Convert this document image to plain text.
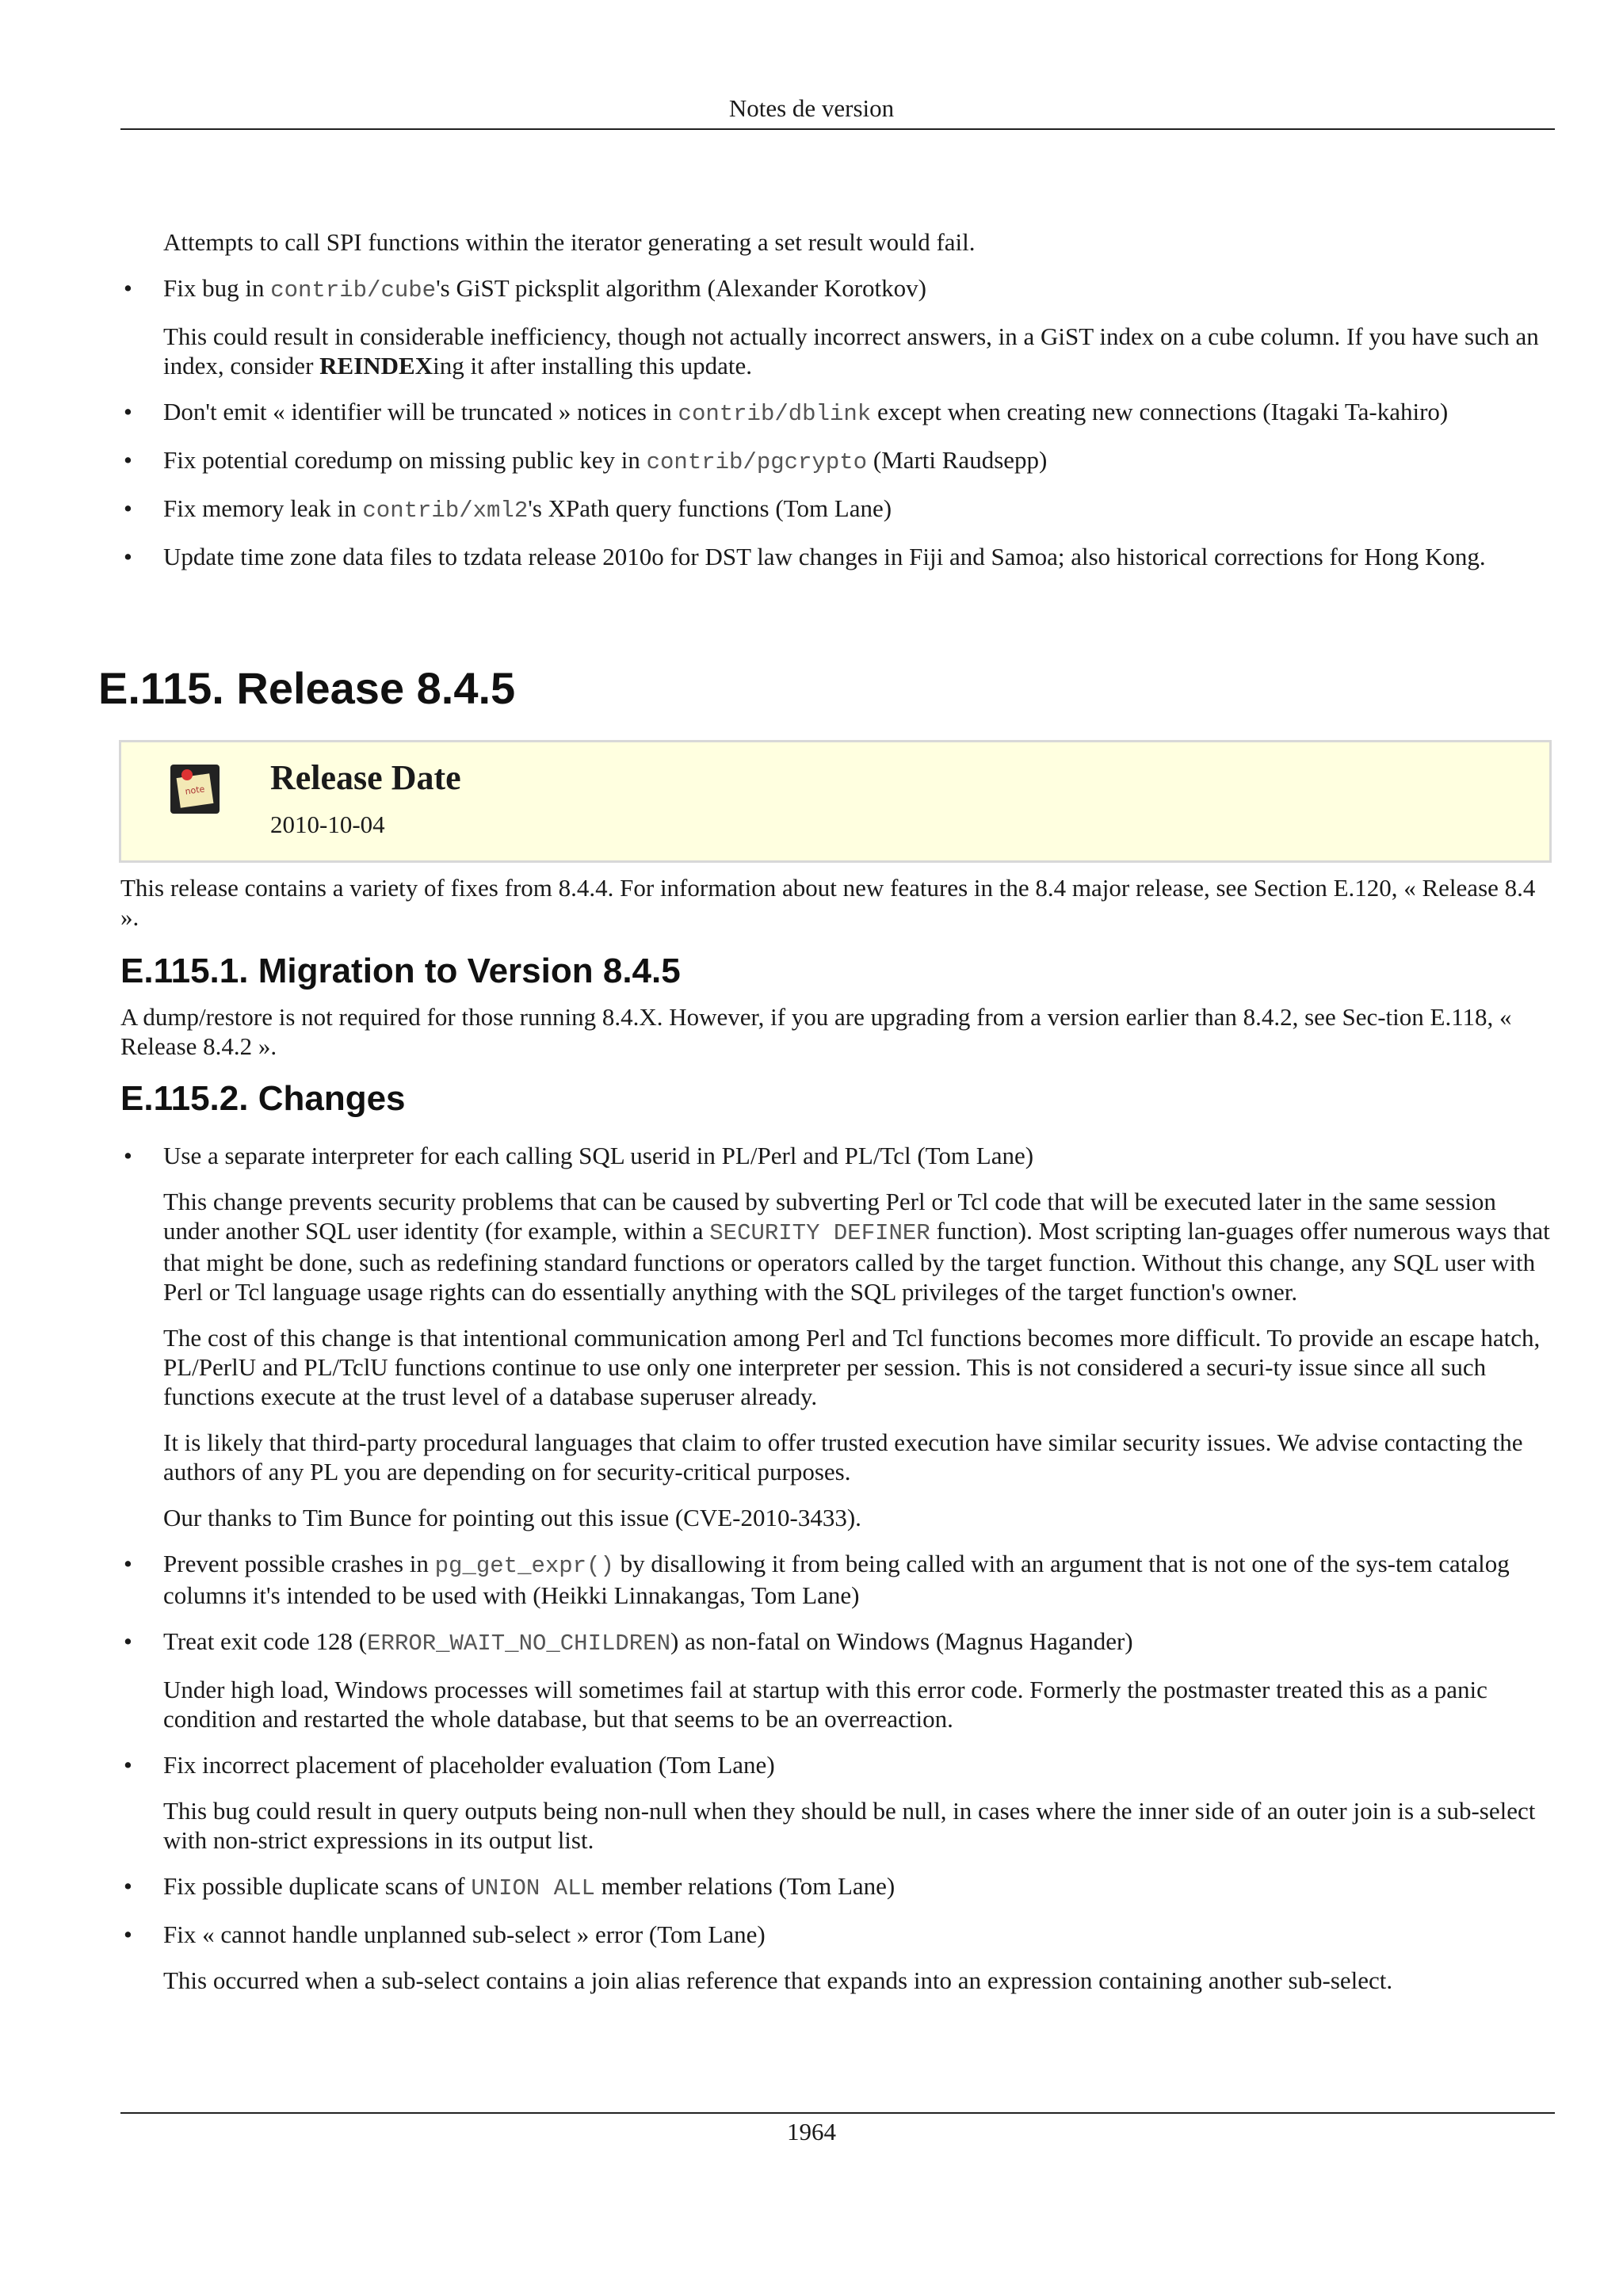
Notes de version

Attempts to call SPI functions within the iterator generating a set result would fail.

• Fix bug in contrib/cube's GiST picksplit algorithm (Alexander Korotkov)

This could result in considerable inefficiency, though not actually incorrect answers, in a GiST index on a cube column. If you have such an index, consider REINDEXing it after installing this update.

• Don't emit « identifier will be truncated » notices in contrib/dblink except when creating new connections (Itagaki Ta-kahiro)
• Fix potential coredump on missing public key in contrib/pgcrypto (Marti Raudsepp)
• Fix memory leak in contrib/xml2's XPath query functions (Tom Lane)
• Update time zone data files to tzdata release 2010o for DST law changes in Fiji and Samoa; also historical corrections for Hong Kong.
E.115. Release 8.4.5
note Release Date
2010-10-04

This release contains a variety of fixes from 8.4.4. For information about new features in the 8.4 major release, see Section E.120, « Release 8.4 ».

E.115.1. Migration to Version 8.4.5

A dump/restore is not required for those running 8.4.X. However, if you are upgrading from a version earlier than 8.4.2, see Sec-tion E.118, « Release 8.4.2 ».

E.115.2. Changes
• Use a separate interpreter for each calling SQL userid in PL/Perl and PL/Tcl (Tom Lane)

This change prevents security problems that can be caused by subverting Perl or Tcl code that will be executed later in the same session under another SQL user identity (for example, within a SECURITY DEFINER function). Most scripting lan-guages offer numerous ways that that might be done, such as redefining standard functions or operators called by the target function. Without this change, any SQL user with Perl or Tcl language usage rights can do essentially anything with the SQL privileges of the target function's owner.

The cost of this change is that intentional communication among Perl and Tcl functions becomes more difficult. To provide an escape hatch, PL/PerlU and PL/TclU functions continue to use only one interpreter per session. This is not considered a securi-ty issue since all such functions execute at the trust level of a database superuser already.

It is likely that third-party procedural languages that claim to offer trusted execution have similar security issues. We advise contacting the authors of any PL you are depending on for security-critical purposes.

Our thanks to Tim Bunce for pointing out this issue (CVE-2010-3433).

• Prevent possible crashes in pg_get_expr() by disallowing it from being called with an argument that is not one of the sys-tem catalog columns it's intended to be used with (Heikki Linnakangas, Tom Lane)
• Treat exit code 128 (ERROR_WAIT_NO_CHILDREN) as non-fatal on Windows (Magnus Hagander)

Under high load, Windows processes will sometimes fail at startup with this error code. Formerly the postmaster treated this as a panic condition and restarted the whole database, but that seems to be an overreaction.

• Fix incorrect placement of placeholder evaluation (Tom Lane)

This bug could result in query outputs being non-null when they should be null, in cases where the inner side of an outer join is a sub-select with non-strict expressions in its output list.

• Fix possible duplicate scans of UNION ALL member relations (Tom Lane)
• Fix « cannot handle unplanned sub-select » error (Tom Lane)

This occurred when a sub-select contains a join alias reference that expands into an expression containing another sub-select.

1964
